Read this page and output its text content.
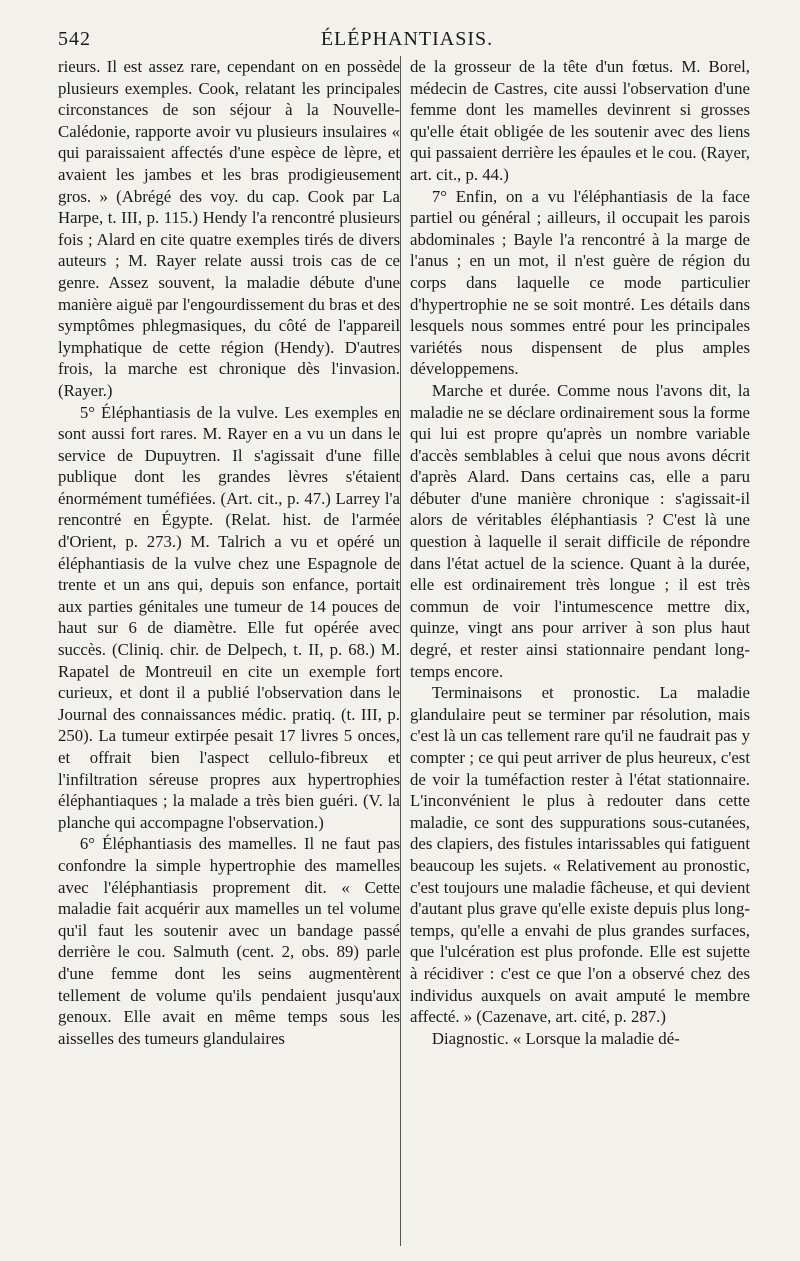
542	ÉLÉPHANTIASIS.

rieurs. Il est assez rare, cependant on en possède plusieurs exemples. Cook, relatant les principales circonstances de son séjour à la Nouvelle-Calédonie, rapporte avoir vu plusieurs insulaires « qui paraissaient affectés d'une espèce de lèpre, et avaient les jambes et les bras prodigieusement gros. » (Abrégé des voy. du cap. Cook par La Harpe, t. III, p. 115.) Hendy l'a rencontré plusieurs fois ; Alard en cite quatre exemples tirés de divers auteurs ; M. Rayer relate aussi trois cas de ce genre. Assez souvent, la maladie débute d'une manière aiguë par l'engourdissement du bras et des symptômes phlegmasiques, du côté de l'appareil lymphatique de cette région (Hendy). D'autres frois, la marche est chronique dès l'invasion. (Rayer.)

5° Éléphantiasis de la vulve. Les exemples en sont aussi fort rares. M. Rayer en a vu un dans le service de Dupuytren. Il s'agissait d'une fille publique dont les grandes lèvres s'étaient énormément tuméfiées. (Art. cit., p. 47.) Larrey l'a rencontré en Égypte. (Relat. hist. de l'armée d'Orient, p. 273.) M. Talrich a vu et opéré un éléphantiasis de la vulve chez une Espagnole de trente et un ans qui, depuis son enfance, portait aux parties génitales une tumeur de 14 pouces de haut sur 6 de diamètre. Elle fut opérée avec succès. (Cliniq. chir. de Delpech, t. II, p. 68.) M. Rapatel de Montreuil en cite un exemple fort curieux, et dont il a publié l'observation dans le Journal des connaissances médic. pratiq. (t. III, p. 250). La tumeur extirpée pesait 17 livres 5 onces, et offrait bien l'aspect cellulo-fibreux et l'infiltration séreuse propres aux hypertrophies éléphantiaques ; la malade a très bien guéri. (V. la planche qui accompagne l'observation.)

6° Éléphantiasis des mamelles. Il ne faut pas confondre la simple hypertrophie des mamelles avec l'éléphantiasis proprement dit. « Cette maladie fait acquérir aux mamelles un tel volume qu'il faut les soutenir avec un bandage passé derrière le cou. Salmuth (cent. 2, obs. 89) parle d'une femme dont les seins augmentèrent tellement de volume qu'ils pendaient jusqu'aux genoux. Elle avait en même temps sous les aisselles des tumeurs glandulaires

de la grosseur de la tête d'un fœtus. M. Borel, médecin de Castres, cite aussi l'observation d'une femme dont les mamelles devinrent si grosses qu'elle était obligée de les soutenir avec des liens qui passaient derrière les épaules et le cou. (Rayer, art. cit., p. 44.)

7° Enfin, on a vu l'éléphantiasis de la face partiel ou général ; ailleurs, il occupait les parois abdominales ; Bayle l'a rencontré à la marge de l'anus ; en un mot, il n'est guère de région du corps dans laquelle ce mode particulier d'hypertrophie ne se soit montré. Les détails dans lesquels nous sommes entré pour les principales variétés nous dispensent de plus amples développemens.

Marche et durée. Comme nous l'avons dit, la maladie ne se déclare ordinairement sous la forme qui lui est propre qu'après un nombre variable d'accès semblables à celui que nous avons décrit d'après Alard. Dans certains cas, elle a paru débuter d'une manière chronique : s'agissait-il alors de véritables éléphantiasis ? C'est là une question à laquelle il serait difficile de répondre dans l'état actuel de la science. Quant à la durée, elle est ordinairement très longue ; il est très commun de voir l'intumescence mettre dix, quinze, vingt ans pour arriver à son plus haut degré, et rester ainsi stationnaire pendant long-temps encore.

Terminaisons et pronostic. La maladie glandulaire peut se terminer par résolution, mais c'est là un cas tellement rare qu'il ne faudrait pas y compter ; ce qui peut arriver de plus heureux, c'est de voir la tuméfaction rester à l'état stationnaire. L'inconvénient le plus à redouter dans cette maladie, ce sont des suppurations sous-cutanées, des clapiers, des fistules intarissables qui fatiguent beaucoup les sujets. « Relativement au pronostic, c'est toujours une maladie fâcheuse, et qui devient d'autant plus grave qu'elle existe depuis plus long-temps, qu'elle a envahi de plus grandes surfaces, que l'ulcération est plus profonde. Elle est sujette à récidiver : c'est ce que l'on a observé chez des individus auxquels on avait amputé le membre affecté. » (Cazenave, art. cité, p. 287.)

Diagnostic. « Lorsque la maladie dé-
